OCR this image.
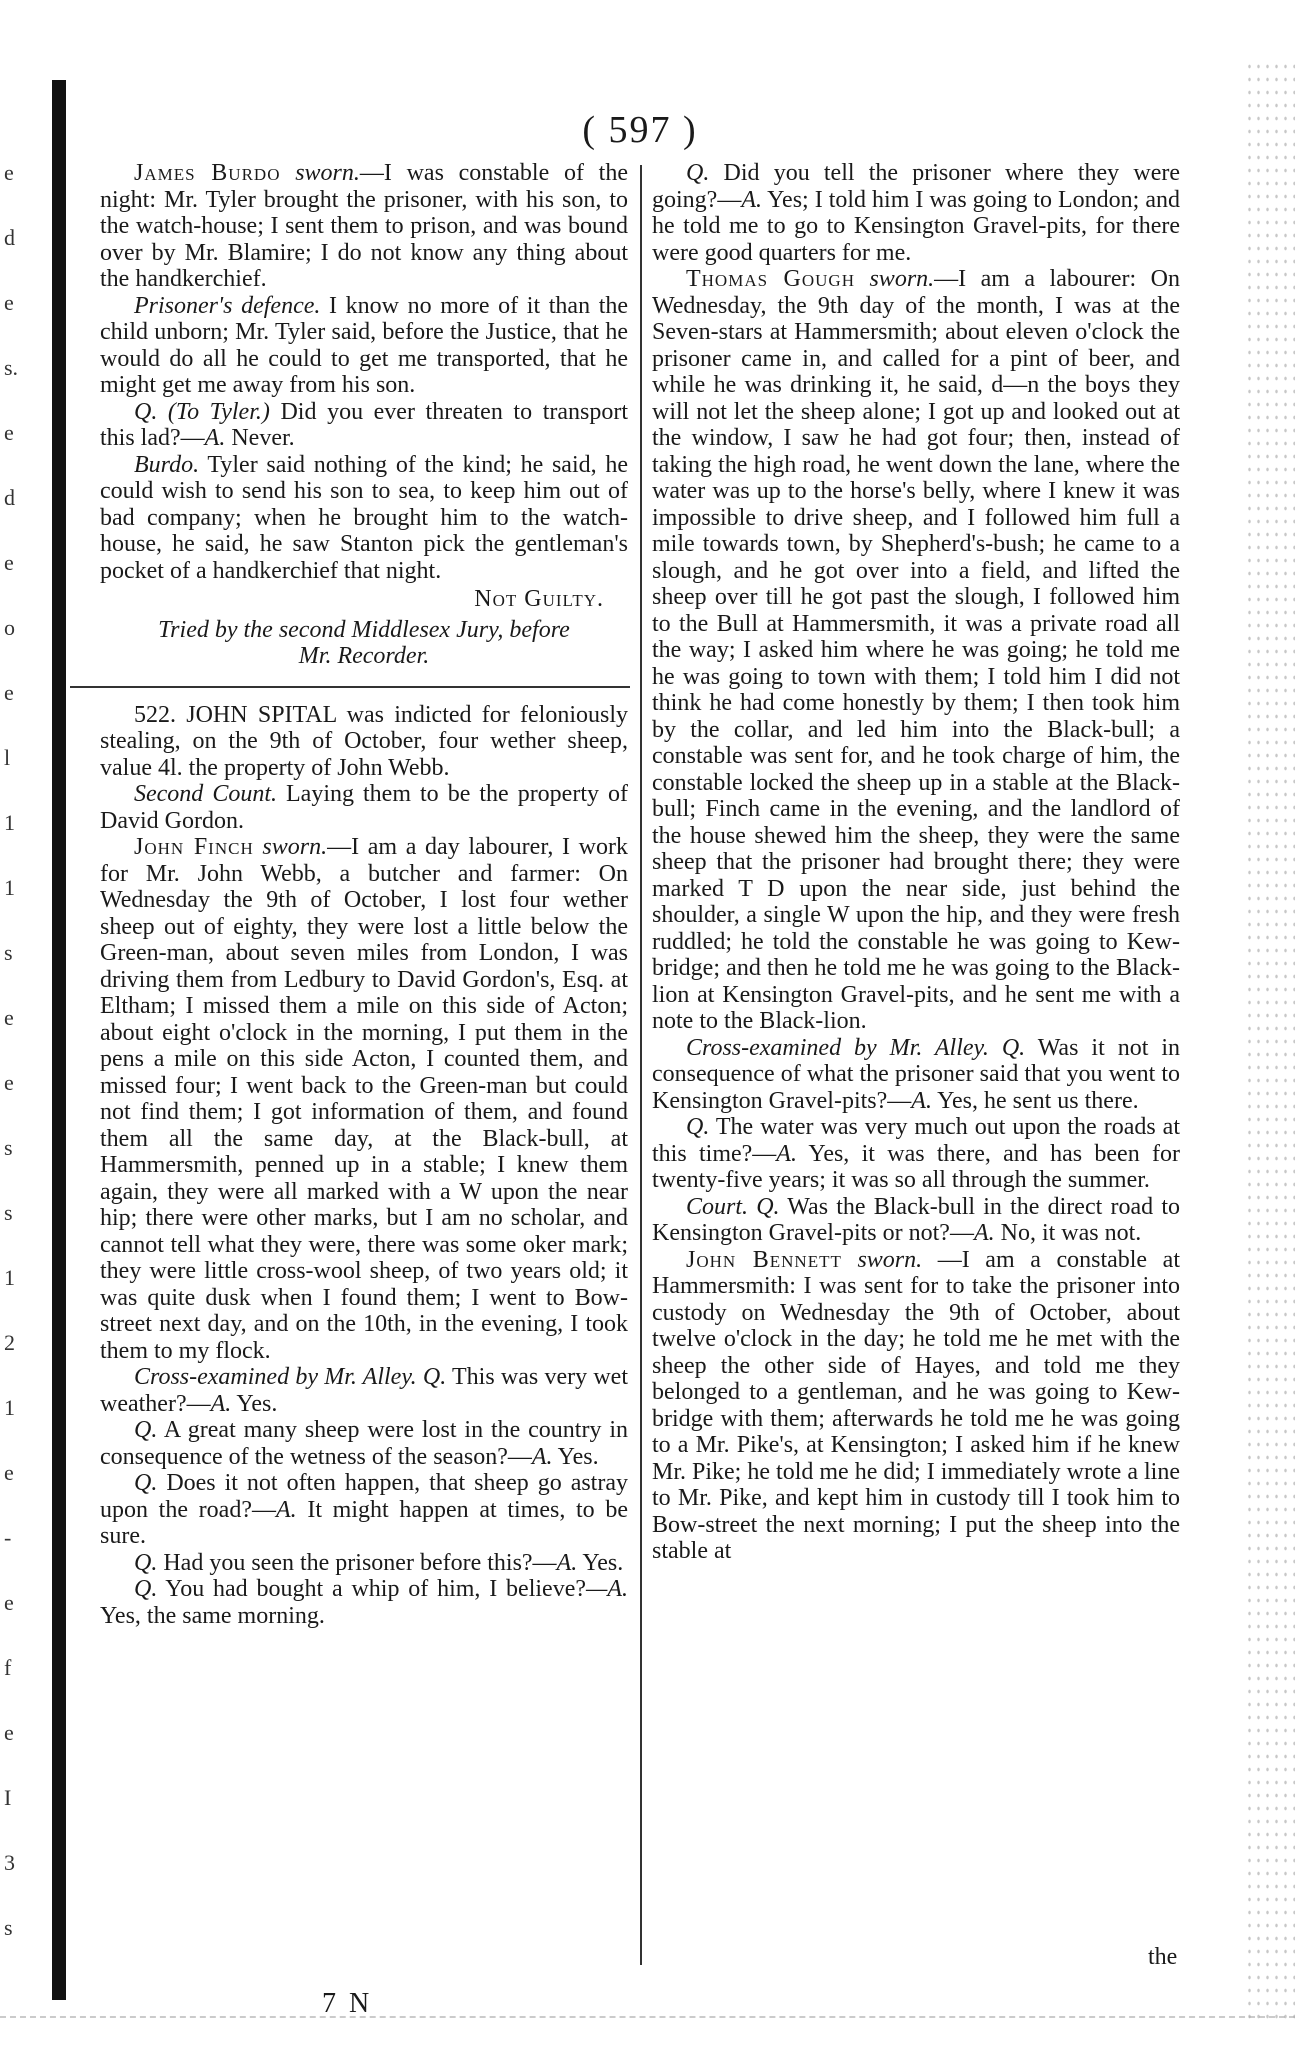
e
d
e
s.
e
d
e
o
e
l
1
1
s
e
e
s
s
1
2
1
e
-
e
f
e
I
3
s
( 597 )

James Burdo sworn.—I was constable of the night: Mr. Tyler brought the prisoner, with his son, to the watch-house; I sent them to prison, and was bound over by Mr. Blamire; I do not know any thing about the handkerchief.

Prisoner's defence. I know no more of it than the child unborn; Mr. Tyler said, before the Justice, that he would do all he could to get me transported, that he might get me away from his son.

Q. (To Tyler.) Did you ever threaten to transport this lad?—A. Never.

Burdo. Tyler said nothing of the kind; he said, he could wish to send his son to sea, to keep him out of bad company; when he brought him to the watch-house, he said, he saw Stanton pick the gentleman's pocket of a handkerchief that night.

Not Guilty.

Tried by the second Middlesex Jury, before

Mr. Recorder.

522. JOHN SPITAL was indicted for feloniously stealing, on the 9th of October, four wether sheep, value 4l. the property of John Webb.

Second Count. Laying them to be the property of David Gordon.

John Finch sworn.—I am a day labourer, I work for Mr. John Webb, a butcher and farmer: On Wednesday the 9th of October, I lost four wether sheep out of eighty, they were lost a little below the Green-man, about seven miles from London, I was driving them from Ledbury to David Gordon's, Esq. at Eltham; I missed them a mile on this side of Acton; about eight o'clock in the morning, I put them in the pens a mile on this side Acton, I counted them, and missed four; I went back to the Green-man but could not find them; I got information of them, and found them all the same day, at the Black-bull, at Hammersmith, penned up in a stable; I knew them again, they were all marked with a W upon the near hip; there were other marks, but I am no scholar, and cannot tell what they were, there was some oker mark; they were little cross-wool sheep, of two years old; it was quite dusk when I found them; I went to Bow-street next day, and on the 10th, in the evening, I took them to my flock.

Cross-examined by Mr. Alley. Q. This was very wet weather?—A. Yes.

Q. A great many sheep were lost in the country in consequence of the wetness of the season?—A. Yes.

Q. Does it not often happen, that sheep go astray upon the road?—A. It might happen at times, to be sure.

Q. Had you seen the prisoner before this?—A. Yes.

Q. You had bought a whip of him, I believe?—A. Yes, the same morning.

Q. Did you tell the prisoner where they were going?—A. Yes; I told him I was going to London; and he told me to go to Kensington Gravel-pits, for there were good quarters for me.

Thomas Gough sworn.—I am a labourer: On Wednesday, the 9th day of the month, I was at the Seven-stars at Hammersmith; about eleven o'clock the prisoner came in, and called for a pint of beer, and while he was drinking it, he said, d—n the boys they will not let the sheep alone; I got up and looked out at the window, I saw he had got four; then, instead of taking the high road, he went down the lane, where the water was up to the horse's belly, where I knew it was impossible to drive sheep, and I followed him full a mile towards town, by Shepherd's-bush; he came to a slough, and he got over into a field, and lifted the sheep over till he got past the slough, I followed him to the Bull at Hammersmith, it was a private road all the way; I asked him where he was going; he told me he was going to town with them; I told him I did not think he had come honestly by them; I then took him by the collar, and led him into the Black-bull; a constable was sent for, and he took charge of him, the constable locked the sheep up in a stable at the Black-bull; Finch came in the evening, and the landlord of the house shewed him the sheep, they were the same sheep that the prisoner had brought there; they were marked T D upon the near side, just behind the shoulder, a single W upon the hip, and they were fresh ruddled; he told the constable he was going to Kew-bridge; and then he told me he was going to the Black-lion at Kensington Gravel-pits, and he sent me with a note to the Black-lion.

Cross-examined by Mr. Alley. Q. Was it not in consequence of what the prisoner said that you went to Kensington Gravel-pits?—A. Yes, he sent us there.

Q. The water was very much out upon the roads at this time?—A. Yes, it was there, and has been for twenty-five years; it was so all through the summer.

Court. Q. Was the Black-bull in the direct road to Kensington Gravel-pits or not?—A. No, it was not.

John Bennett sworn. —I am a constable at Hammersmith: I was sent for to take the prisoner into custody on Wednesday the 9th of October, about twelve o'clock in the day; he told me he met with the sheep the other side of Hayes, and told me they belonged to a gentleman, and he was going to Kew-bridge with them; afterwards he told me he was going to a Mr. Pike's, at Kensington; I asked him if he knew Mr. Pike; he told me he did; I immediately wrote a line to Mr. Pike, and kept him in custody till I took him to Bow-street the next morning; I put the sheep into the stable at

7 N
the
